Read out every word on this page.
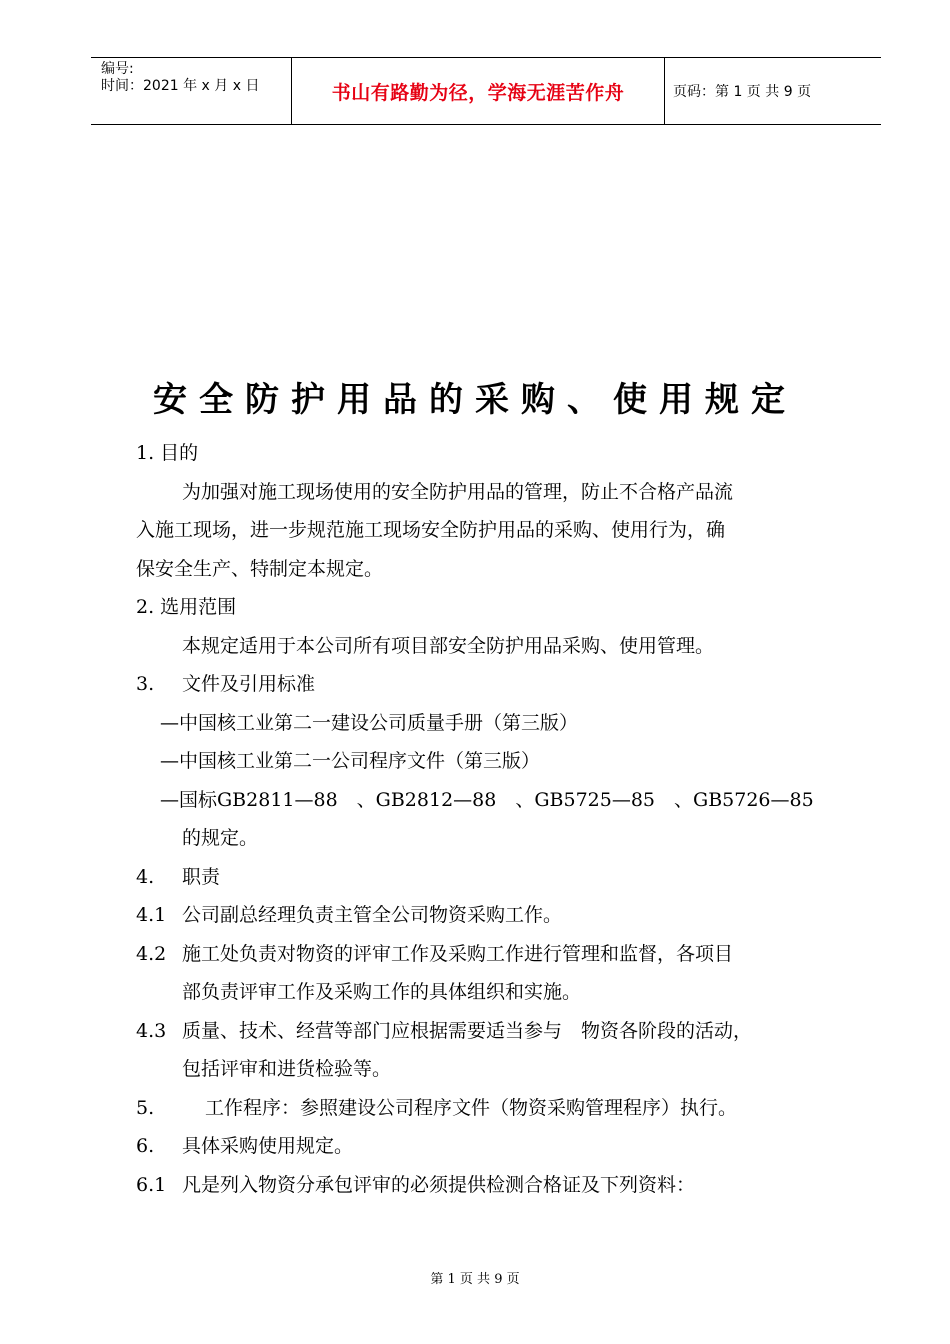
编号:
时间：2021 年 x 月 x 日	书山有路勤为径，学海无涯苦作舟	页码：第 1 页 共 9 页
安全防护用品的采购、使用规定
1. 目的
为加强对施工现场使用的安全防护用品的管理，防止不合格产品流
入施工现场，进一步规范施工现场安全防护用品的采购、使用行为，确
保安全生产、特制定本规定。
2. 选用范围
本规定适用于本公司所有项目部安全防护用品采购、使用管理。
3. 文件及引用标准
—中国核工业第二一建设公司质量手册（第三版）
—中国核工业第二一公司程序文件（第三版）
—国标GB2811—88　、GB2812—88　、GB5725—85　、GB5726—85
的规定。
4. 职责
4.1 公司副总经理负责主管全公司物资采购工作。
4.2 施工处负责对物资的评审工作及采购工作进行管理和监督，各项目
部负责评审工作及采购工作的具体组织和实施。
4.3 质量、技术、经营等部门应根据需要适当参与　物资各阶段的活动，
包括评审和进货检验等。
5.	工作程序：参照建设公司程序文件（物资采购管理程序）执行。
6. 具体采购使用规定。
6.1 凡是列入物资分承包评审的必须提供检测合格证及下列资料：
第 1 页 共 9 页
